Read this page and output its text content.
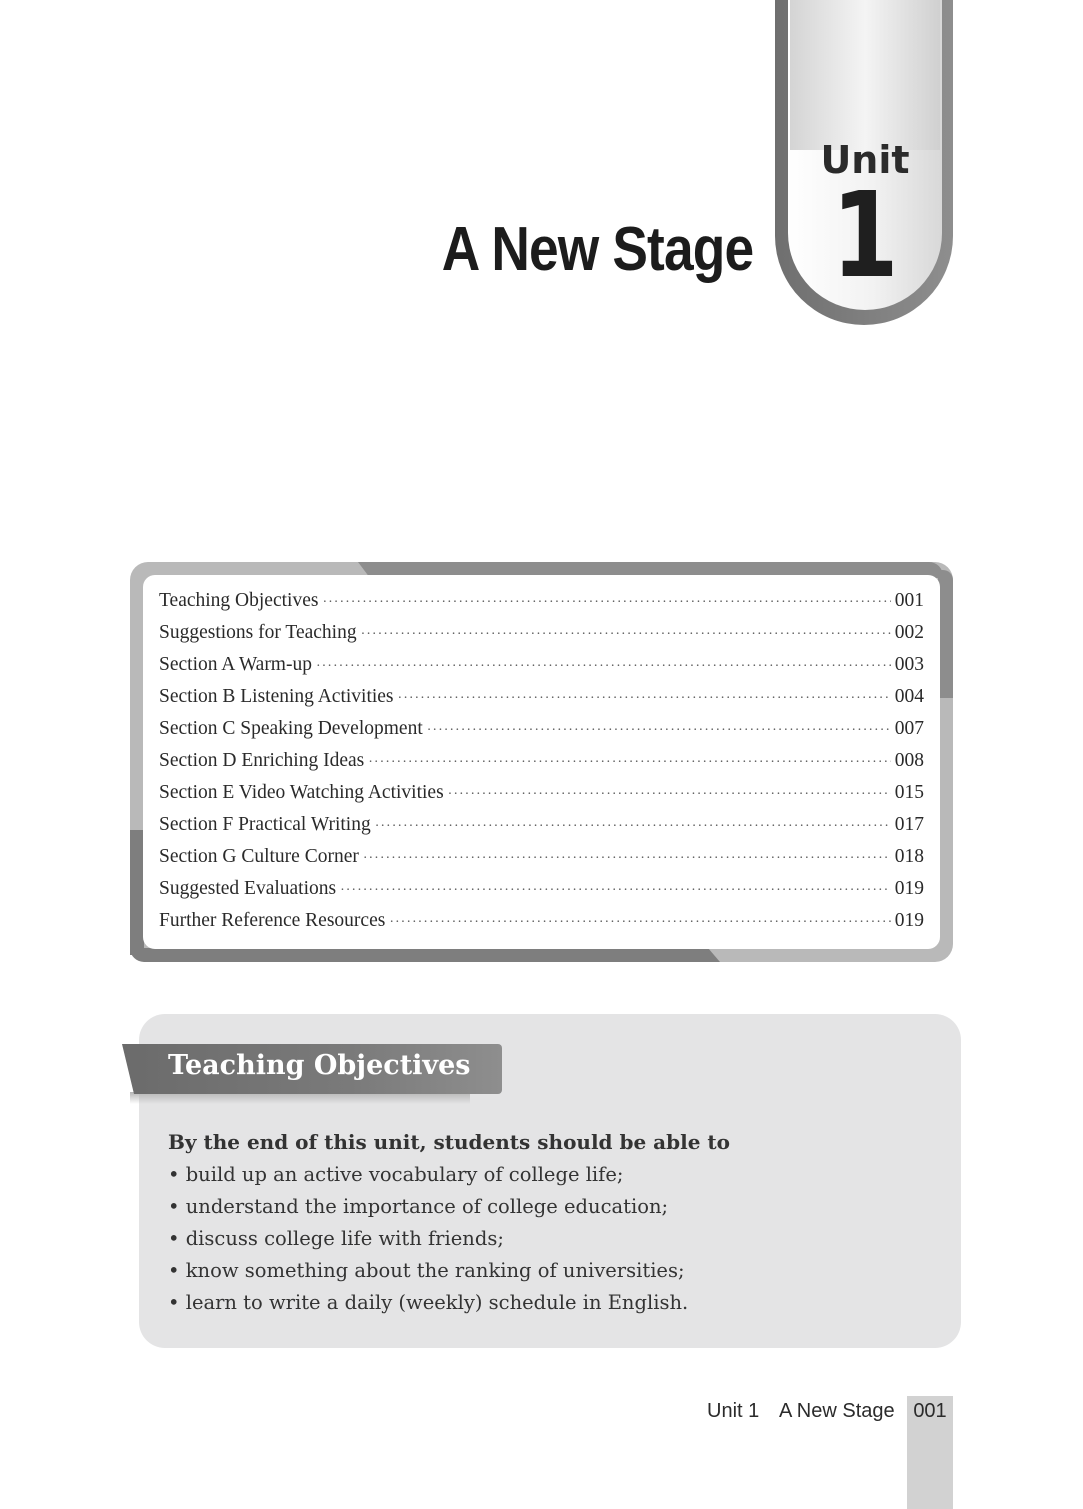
Unit
1
A New Stage
Teaching Objectives ·····	001
Suggestions for Teaching ·····	002
Section A Warm-up ·····	003
Section B Listening Activities ·····	004
Section C Speaking Development ·····	007
Section D Enriching Ideas ·····	008
Section E Video Watching Activities ·····	015
Section F Practical Writing ·····	017
Section G Culture Corner ·····	018
Suggested Evaluations ·····	019
Further Reference Resources ·····	019
Teaching Objectives

By the end of this unit, students should be able to

• build up an active vocabulary of college life;
• understand the importance of college education;
• discuss college life with friends;
• know something about the ranking of universities;
• learn to write a daily (weekly) schedule in English.
Unit 1 A New Stage 001
